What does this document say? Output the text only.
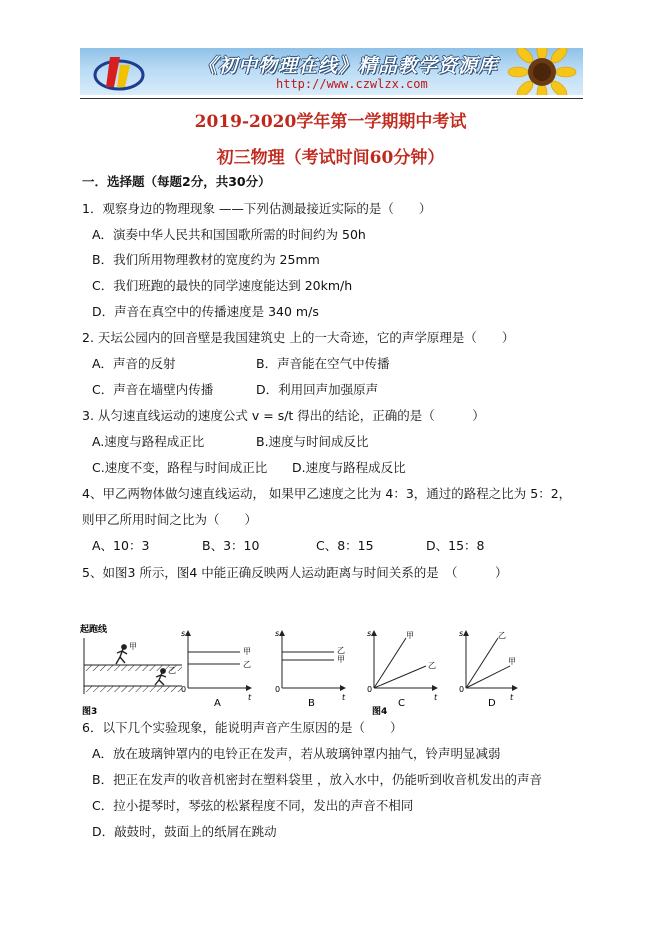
《初中物理在线》精品教学资源库
http://www.czwlzx.com
2019-2020学年第一学期期中考试
初三物理（考试时间60分钟）
一．选择题（每题2分，共30分）
1．观察身边的物理现象 ——下列估测最接近实际的是（　　）
A．演奏中华人民共和国国歌所需的时间约为 50h
B．我们所用物理教材的宽度约为 25mm
C．我们班跑的最快的同学速度能达到 20km/h
D．声音在真空中的传播速度是 340 m/s
2. 天坛公园内的回音壁是我国建筑史 上的一大奇迹，它的声学原理是（　　）
A．声音的反射	B．声音能在空气中传播
C．声音在墙壁内传播	D．利用回声加强原声
3. 从匀速直线运动的速度公式 v = s/t 得出的结论，正确的是（　　　）
A.速度与路程成正比	B.速度与时间成反比
C.速度不变，路程与时间成正比 D.速度与路程成反比
4、甲乙两物体做匀速直线运动， 如果甲乙速度之比为 4：3，通过的路程之比为 5：2，
则甲乙所用时间之比为（　　）
A、10：3	B、3：10	C、8：15	D、15：8
5、如图3 所示，图4 中能正确反映两人运动距离与时间关系的是　（　　　）
起跑线
甲
乙
图3
s
t
0
甲
乙
A
s
t
0
乙
甲
B
s
t
0
甲
乙
C
图4
s
t
0
乙
甲
D
6．以下几个实验现象，能说明声音产生原因的是（　　）
A．放在玻璃钟罩内的电铃正在发声，若从玻璃钟罩内抽气，铃声明显减弱
B．把正在发声的收音机密封在塑料袋里 ，放入水中，仍能听到收音机发出的声音
C．拉小提琴时，琴弦的松紧程度不同，发出的声音不相同
D．敲鼓时，鼓面上的纸屑在跳动
